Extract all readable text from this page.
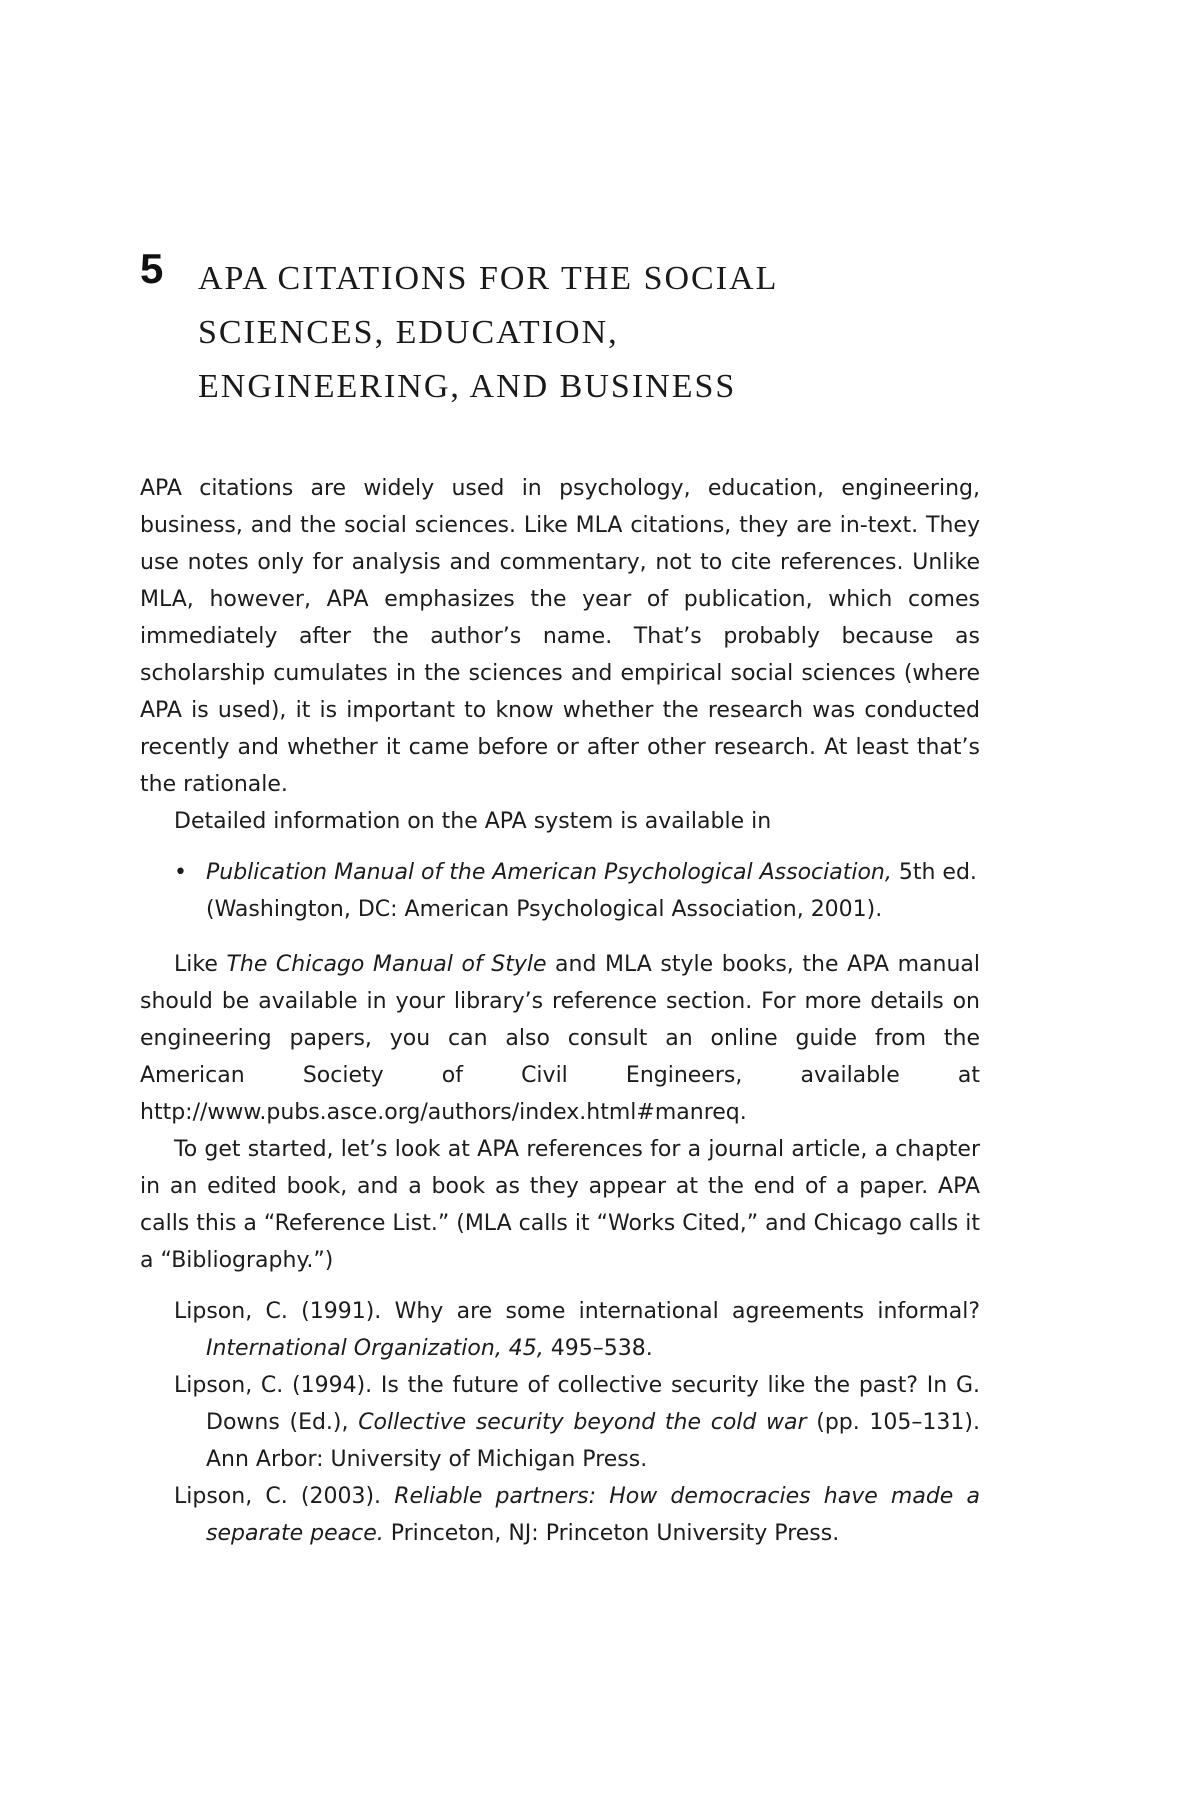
5 APA CITATIONS FOR THE SOCIAL
SCIENCES, EDUCATION,
ENGINEERING, AND BUSINESS

APA citations are widely used in psychology, education, engineering, business, and the social sciences. Like MLA citations, they are in-text. They use notes only for analysis and commentary, not to cite references. Unlike MLA, however, APA emphasizes the year of publication, which comes immediately after the author’s name. That’s probably because as scholarship cumulates in the sciences and empirical social sciences (where APA is used), it is important to know whether the research was conducted recently and whether it came before or after other research. At least that’s the rationale.

Detailed information on the APA system is available in

• Publication Manual of the American Psychological Association, 5th ed. (Washington, DC: American Psychological Association, 2001).

Like The Chicago Manual of Style and MLA style books, the APA manual should be available in your library’s reference section. For more details on engineering papers, you can also consult an online guide from the American Society of Civil Engineers, available at http://www.pubs.asce.org/authors/index.html#manreq.

To get started, let’s look at APA references for a journal article, a chapter in an edited book, and a book as they appear at the end of a paper. APA calls this a “Reference List.” (MLA calls it “Works Cited,” and Chicago calls it a “Bibliography.”)

Lipson, C. (1991). Why are some international agreements informal? International Organization, 45, 495–538.

Lipson, C. (1994). Is the future of collective security like the past? In G. Downs (Ed.), Collective security beyond the cold war (pp. 105–131). Ann Arbor: University of Michigan Press.

Lipson, C. (2003). Reliable partners: How democracies have made a separate peace. Princeton, NJ: Princeton University Press.
